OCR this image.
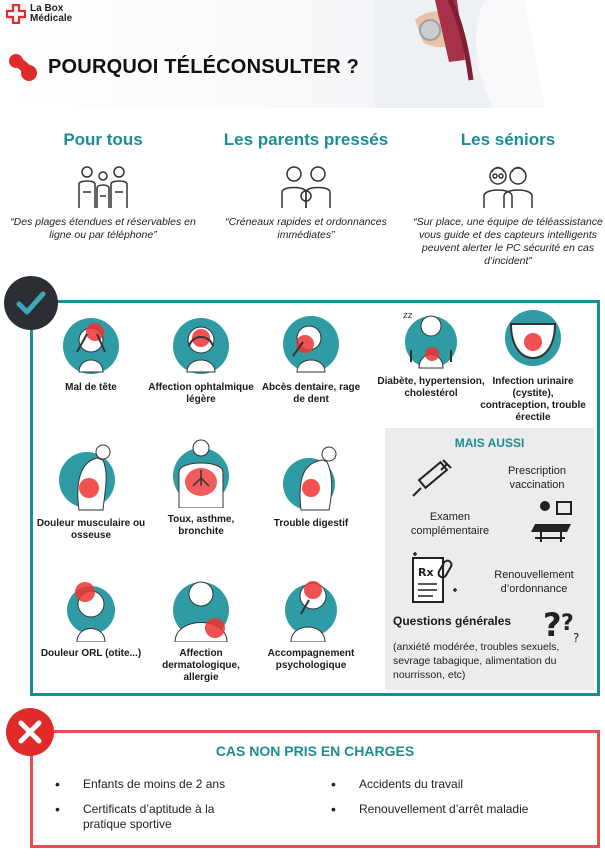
La Box
Médicale
POURQUOI TÉLÉCONSULTER ?
Pour tous

“Des plages étendues et réservables en ligne ou par téléphone”

Les parents pressés

“Créneaux rapides et ordonnances immédiates”

Les séniors

“Sur place, une équipe de téléassistance vous guide et des capteurs intelligents peuvent alerter le PC sécurité en cas d’incident”

Mal de tête	Affection ophtalmique légère
Abcès dentaire, rage de dent
zz
Diabète, hypertension, cholestérol
Infection urinaire (cystite), contraception, trouble érectile
Douleur musculaire ou osseuse
Toux, asthme, bronchite
Trouble digestif
Douleur ORL (otite...)	Affection dermatologique, allergie
Accompagnement psychologique
MAIS AUSSI
Prescription vaccination
Examen complémentaire
Rx	Renouvellement d’ordonnance
Questions générales ? ?
?
(anxiété modérée, troubles sexuels, sevrage tabagique, alimentation du nourrisson, etc)
CAS NON PRIS EN CHARGES
• Enfants de moins de 2 ans
• Certificats d’aptitude à la pratique sportive
• Accidents du travail
• Renouvellement d’arrêt maladie
